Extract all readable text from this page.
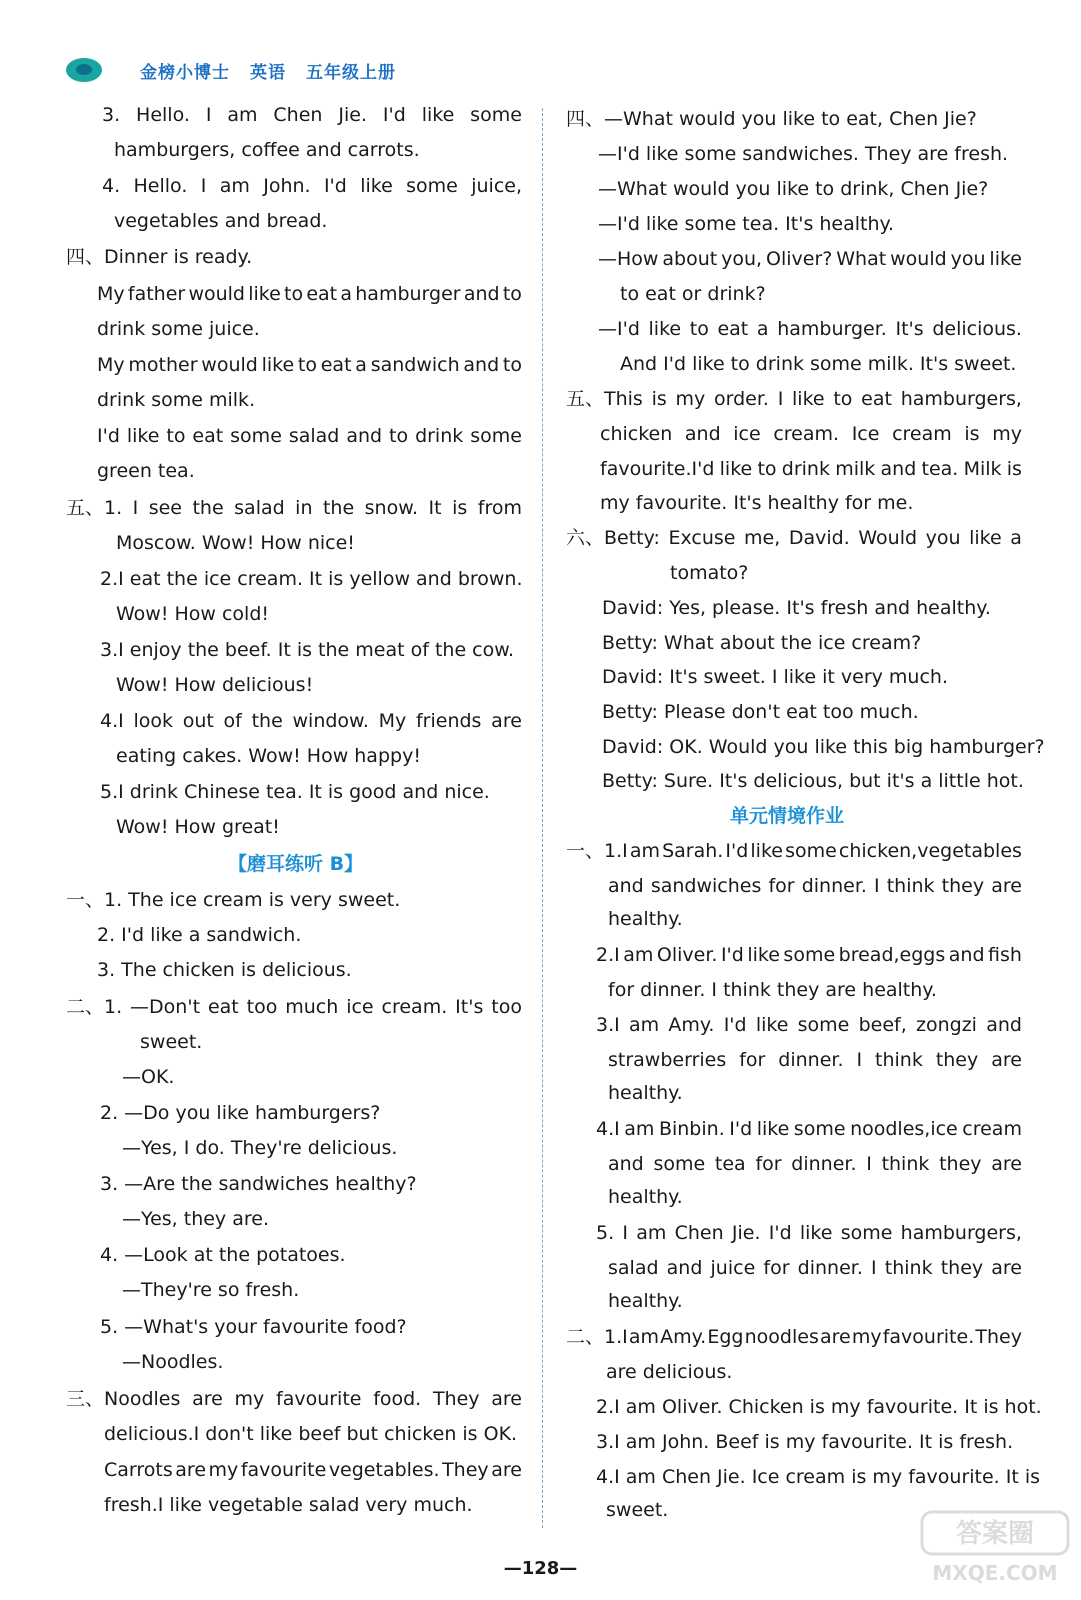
金榜小博士 英语 五年级上册
3. Hello. I am Chen Jie. I'd like some
hamburgers, coffee and carrots.
4. Hello. I am John. I'd like some juice,
vegetables and bread.
四、Dinner is ready.
My father would like to eat a hamburger and to
drink some juice.
My mother would like to eat a sandwich and to
drink some milk.
I'd like to eat some salad and to drink some
green tea.
五、1. I see the salad in the snow. It is from
Moscow. Wow! How nice!
2.I eat the ice cream. It is yellow and brown.
Wow! How cold!
3.I enjoy the beef. It is the meat of the cow.
Wow! How delicious!
4.I look out of the window. My friends are
eating cakes. Wow! How happy!
5.I drink Chinese tea. It is good and nice.
Wow! How great!
【磨耳练听 B】
一、1. The ice cream is very sweet.
2. I'd like a sandwich.
3. The chicken is delicious.
二、1. —Don't eat too much ice cream. It's too
sweet.
—OK.
2. —Do you like hamburgers?
—Yes, I do. They're delicious.
3. —Are the sandwiches healthy?
—Yes, they are.
4. —Look at the potatoes.
—They're so fresh.
5. —What's your favourite food?
—Noodles.
三、Noodles are my favourite food. They are
delicious.I don't like beef but chicken is OK.
Carrots are my favourite vegetables. They are
fresh.I like vegetable salad very much.
四、—What would you like to eat, Chen Jie?
—I'd like some sandwiches. They are fresh.
—What would you like to drink, Chen Jie?
—I'd like some tea. It's healthy.
—How about you, Oliver? What would you like
to eat or drink?
—I'd like to eat a hamburger. It's delicious.
And I'd like to drink some milk. It's sweet.
五、This is my order. I like to eat hamburgers,
chicken and ice cream. Ice cream is my
favourite.I'd like to drink milk and tea. Milk is
my favourite. It's healthy for me.
六、Betty: Excuse me, David. Would you like a
tomato?
David: Yes, please. It's fresh and healthy.
Betty: What about the ice cream?
David: It's sweet. I like it very much.
Betty: Please don't eat too much.
David: OK. Would you like this big hamburger?
Betty: Sure. It's delicious, but it's a little hot.
单元情境作业
一、1.I am Sarah. I'd like some chicken,vegetables
and sandwiches for dinner. I think they are
healthy.
2.I am Oliver. I'd like some bread,eggs and fish
for dinner. I think they are healthy.
3.I am Amy. I'd like some beef, zongzi and
strawberries for dinner. I think they are
healthy.
4.I am Binbin. I'd like some noodles,ice cream
and some tea for dinner. I think they are
healthy.
5. I am Chen Jie. I'd like some hamburgers,
salad and juice for dinner. I think they are
healthy.
二、1.I am Amy. Egg noodles are my favourite. They
are delicious.
2.I am Oliver. Chicken is my favourite. It is hot.
3.I am John. Beef is my favourite. It is fresh.
4.I am Chen Jie. Ice cream is my favourite. It is
sweet.
—128—
答案圈
MXQE.COM
